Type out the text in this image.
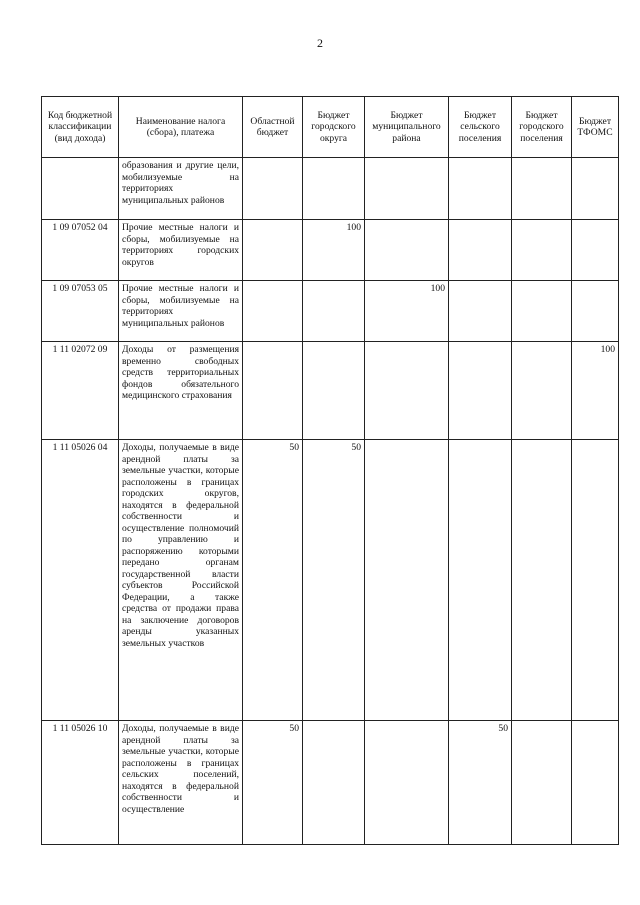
2
Код бюджетной классификации (вид дохода)	Наименование налога (сбора), платежа	Областной бюджет	Бюджет городского округа	Бюджет муниципального района	Бюджет сельского поселения	Бюджет городского поселения	Бюджет ТФОМС
	образования и другие цели, мобилизуемые на территориях муниципальных районов						
1 09 07052 04	Прочие местные налоги и сборы, мобилизуемые на территориях городских округов		100				
1 09 07053 05	Прочие местные налоги и сборы, мобилизуемые на территориях муниципальных районов			100			
1 11 02072 09	Доходы от размещения временно свободных средств территориальных фондов обязательного медицинского страхования						100
1 11 05026 04	Доходы, получаемые в виде арендной платы за земельные участки, которые расположены в границах городских округов, находятся в федеральной собственности и осуществление полномочий по управлению и распоряжению которыми передано органам государственной власти субъектов Российской Федерации, а также средства от продажи права на заключение договоров аренды указанных земельных участков	50	50				
1 11 05026 10	Доходы, получаемые в виде арендной платы за земельные участки, которые расположены в границах сельских поселений, находятся в федеральной собственности и осуществление	50			50		
